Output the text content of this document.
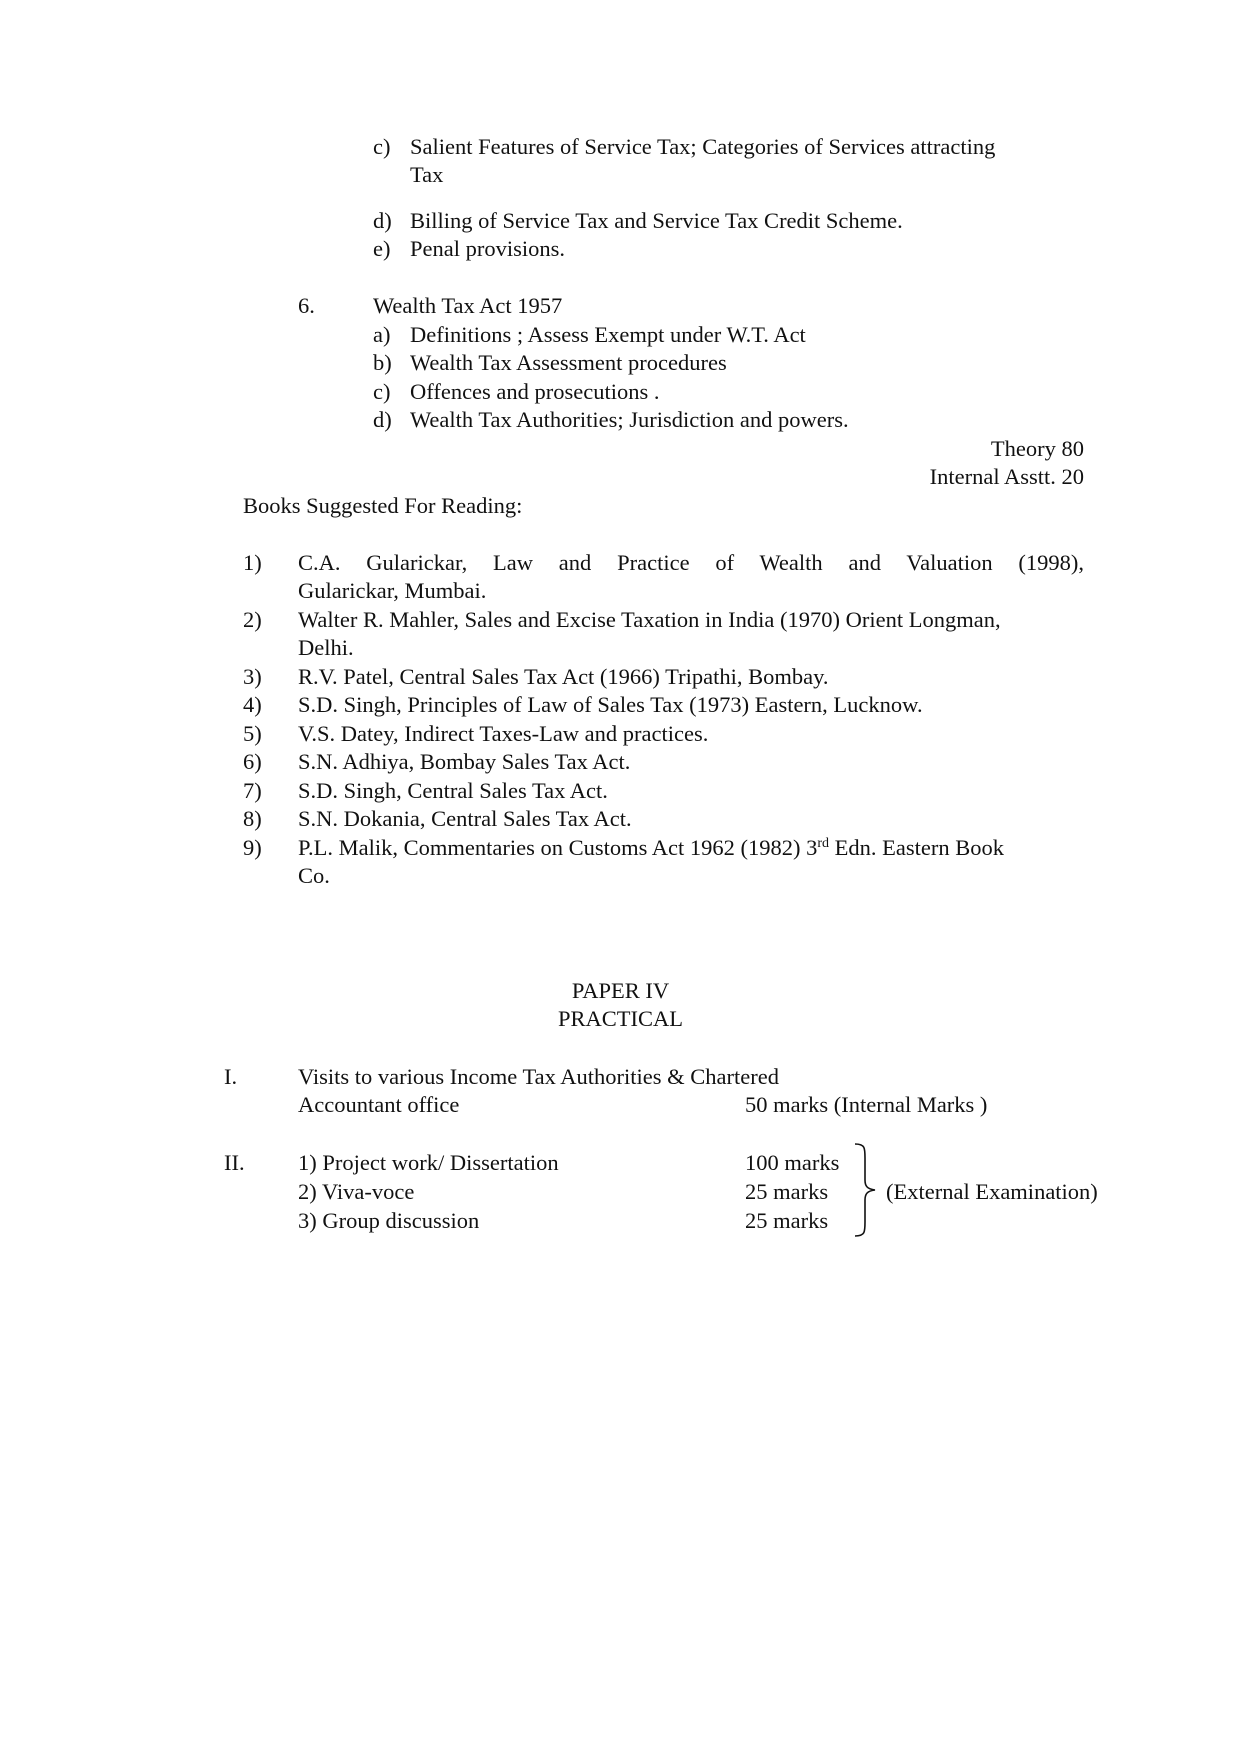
c) Salient Features of Service Tax; Categories of Services attracting
Tax
d) Billing of Service Tax and Service Tax Credit Scheme.
e) Penal provisions.
6.	Wealth Tax Act 1957
a) Definitions ; Assess Exempt under W.T. Act
b) Wealth Tax Assessment procedures
c) Offences and prosecutions .
d) Wealth Tax Authorities; Jurisdiction and powers.
Theory 80
Internal Asstt. 20
Books Suggested For Reading:
1) C.A. Gularickar, Law and Practice of Wealth and Valuation (1998),
Gularickar, Mumbai.
2) Walter R. Mahler, Sales and Excise Taxation in India (1970) Orient Longman,
Delhi.
3) R.V. Patel, Central Sales Tax Act (1966) Tripathi, Bombay.
4) S.D. Singh, Principles of Law of Sales Tax (1973) Eastern, Lucknow.
5) V.S. Datey, Indirect Taxes-Law and practices.
6) S.N. Adhiya, Bombay Sales Tax Act.
7) S.D. Singh, Central Sales Tax Act.
8) S.N. Dokania, Central Sales Tax Act.
9) P.L. Malik, Commentaries on Customs Act 1962 (1982) 3rd Edn. Eastern Book
Co.
PAPER IV
PRACTICAL
I.	Visits to various Income Tax Authorities & Chartered
Accountant office	50 marks (Internal Marks )
II. 1) Project work/ Dissertation	100 marks
2) Viva-voce	25 marks
3) Group discussion	25 marks
(External Examination)
